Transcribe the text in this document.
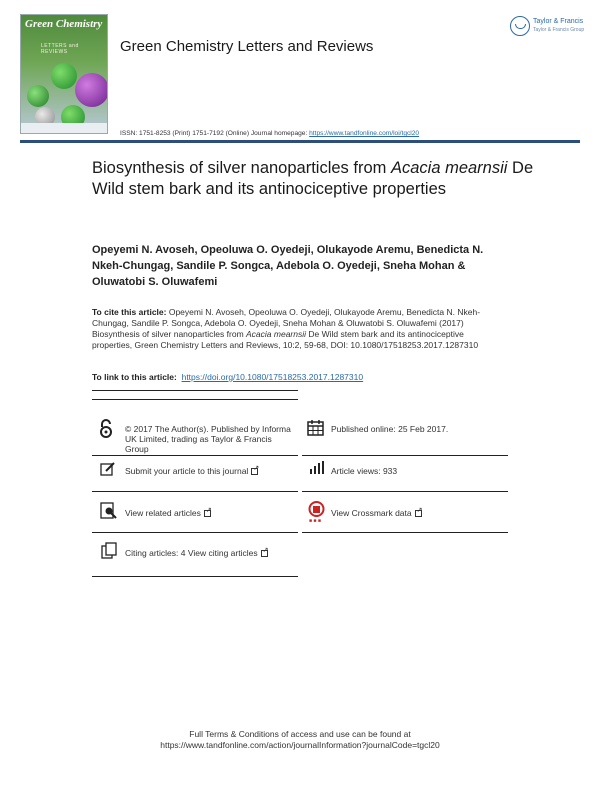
Green Chemistry
LETTERS and REVIEWS	Green Chemistry Letters and Reviews
Taylor & Francis
Taylor & Francis Group
ISSN: 1751-8253 (Print) 1751-7192 (Online) Journal homepage: https://www.tandfonline.com/loi/tgcl20
Biosynthesis of silver nanoparticles from Acacia mearnsii De Wild stem bark and its antinociceptive properties
Opeyemi N. Avoseh, Opeoluwa O. Oyedeji, Olukayode Aremu, Benedicta N. Nkeh-Chungag, Sandile P. Songca, Adebola O. Oyedeji, Sneha Mohan & Oluwatobi S. Oluwafemi
To cite this article: Opeyemi N. Avoseh, Opeoluwa O. Oyedeji, Olukayode Aremu, Benedicta N. Nkeh-Chungag, Sandile P. Songca, Adebola O. Oyedeji, Sneha Mohan & Oluwatobi S. Oluwafemi (2017) Biosynthesis of silver nanoparticles from Acacia mearnsii De Wild stem bark and its antinociceptive properties, Green Chemistry Letters and Reviews, 10:2, 59-68, DOI: 10.1080/17518253.2017.1287310
To link to this article: https://doi.org/10.1080/17518253.2017.1287310
© 2017 The Author(s). Published by Informa UK Limited, trading as Taylor & Francis Group
Published online: 25 Feb 2017.
Submit your article to this journal↗	Article views: 933
View related articles↗
■ ■ ■
View Crossmark data↗
Citing articles: 4 View citing articles↗
Full Terms & Conditions of access and use can be found at
https://www.tandfonline.com/action/journalInformation?journalCode=tgcl20
